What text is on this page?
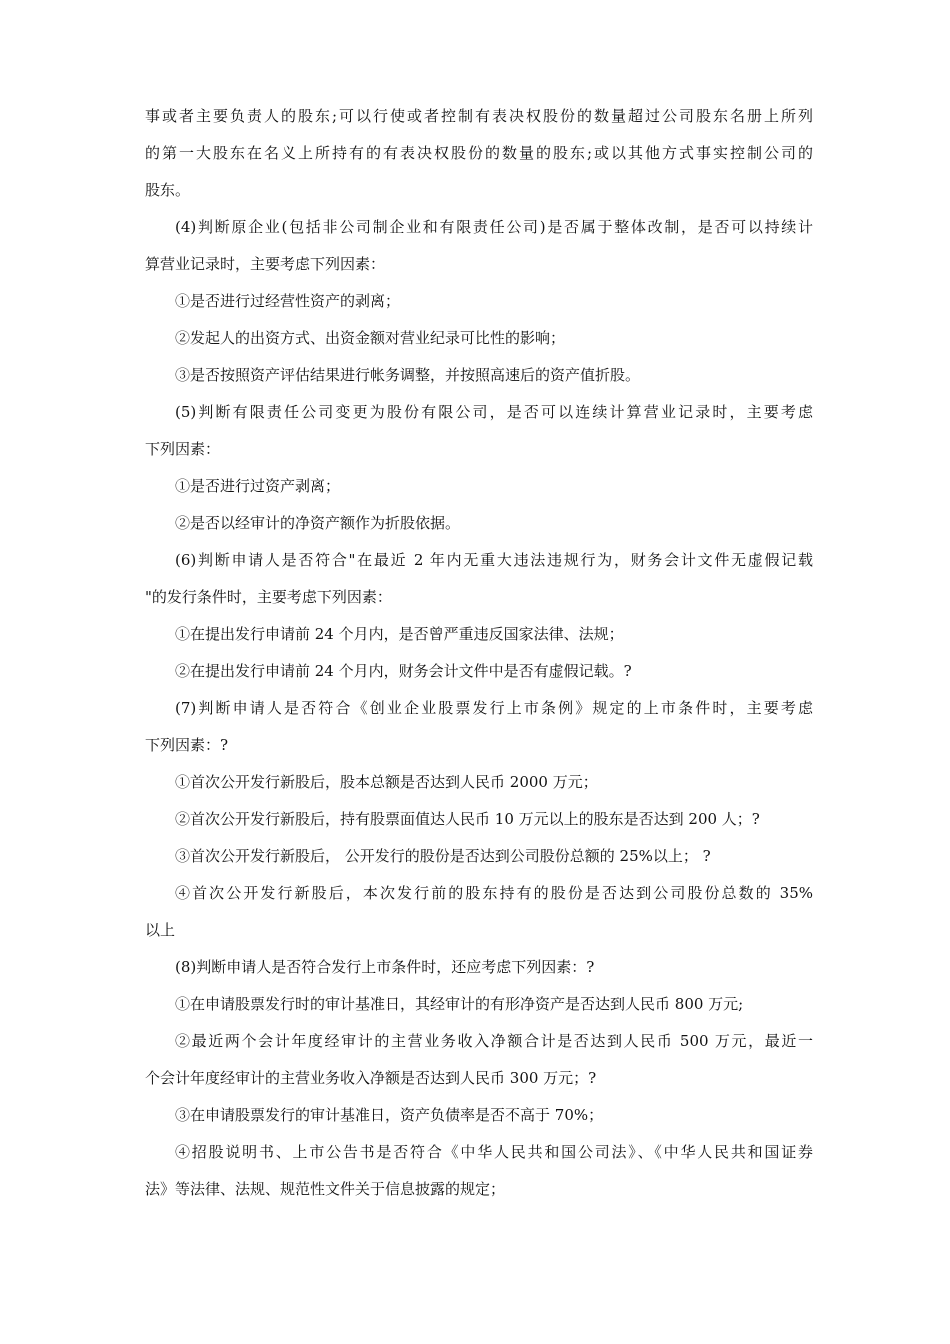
事或者主要负责人的股东;可以行使或者控制有表决权股份的数量超过公司股东名册上所列
的第一大股东在名义上所持有的有表决权股份的数量的股东;或以其他方式事实控制公司的
股东。
(4)判断原企业(包括非公司制企业和有限责任公司)是否属于整体改制，是否可以持续计
算营业记录时，主要考虑下列因素：
①是否进行过经营性资产的剥离；
②发起人的出资方式、出资金额对营业纪录可比性的影响；
③是否按照资产评估结果进行帐务调整，并按照高速后的资产值折股。
(5)判断有限责任公司变更为股份有限公司，是否可以连续计算营业记录时，主要考虑
下列因素：
①是否进行过资产剥离；
②是否以经审计的净资产额作为折股依据。
(6)判断申请人是否符合"在最近 2 年内无重大违法违规行为，财务会计文件无虚假记载
"的发行条件时，主要考虑下列因素：
①在提出发行申请前 24 个月内，是否曾严重违反国家法律、法规；
②在提出发行申请前 24 个月内，财务会计文件中是否有虚假记载。?
(7)判断申请人是否符合《创业企业股票发行上市条例》规定的上市条件时，主要考虑
下列因素：?
①首次公开发行新股后，股本总额是否达到人民币 2000 万元；
②首次公开发行新股后，持有股票面值达人民币 10 万元以上的股东是否达到 200 人；?
③首次公开发行新股后， 公开发行的股份是否达到公司股份总额的 25%以上； ?
④首次公开发行新股后，本次发行前的股东持有的股份是否达到公司股份总数的 35%
以上
(8)判断申请人是否符合发行上市条件时，还应考虑下列因素：?
①在申请股票发行时的审计基准日，其经审计的有形净资产是否达到人民币 800 万元;
②最近两个会计年度经审计的主营业务收入净额合计是否达到人民币 500 万元，最近一
个会计年度经审计的主营业务收入净额是否达到人民币 300 万元；?
③在申请股票发行的审计基准日，资产负债率是否不高于 70%；
④招股说明书、上市公告书是否符合《中华人民共和国公司法》、《中华人民共和国证券
法》等法律、法规、规范性文件关于信息披露的规定；
